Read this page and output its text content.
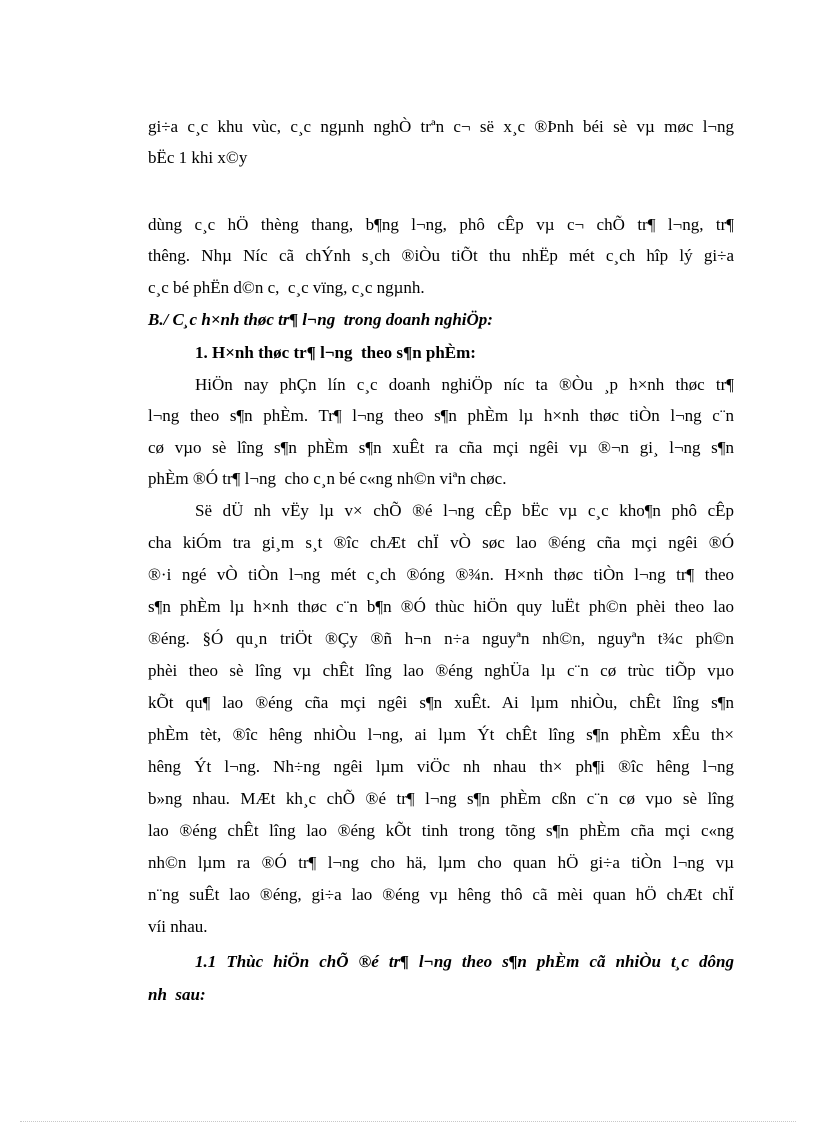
gi÷a c¸c khu vùc, c¸c ngµnh nghÒ trªn c¬ së x¸c ®Þnh béi sè vµ møc l¬ng
bËc 1 khi x©y
dùng c¸c hÖ thèng thang, b¶ng l¬ng, phô cÊp vµ c¬ chÕ tr¶ l¬ng, tr¶
thêng. Nhµ Níc cã chÝnh s¸ch ®iÒu tiÕt thu nhËp mét c¸ch hîp lý gi÷a
c¸c bé phËn d©n c,  c¸c vïng, c¸c ngµnh.
B./ C¸c h×nh thøc tr¶ l¬ng  trong doanh nghiÖp:
1. H×nh thøc tr¶ l¬ng  theo s¶n phÈm:
HiÖn nay phÇn lín c¸c doanh nghiÖp níc ta ®Òu ¸p h×nh thøc tr¶
l¬ng theo s¶n phÈm. Tr¶ l¬ng theo s¶n phÈm lµ h×nh thøc tiÒn l¬ng c¨n
cø vµo sè lîng s¶n phÈm s¶n xuÊt ra cña mçi ngêi vµ ®¬n gi¸ l¬ng s¶n
phÈm ®Ó tr¶ l¬ng  cho c¸n bé c«ng nh©n viªn chøc.
Së dÜ nh vËy lµ v× chÕ ®é l¬ng cÊp bËc vµ c¸c kho¶n phô cÊp
cha kiÓm tra gi¸m s¸t ®îc chÆt chÏ vÒ søc lao ®éng cña mçi ngêi ®Ó
®·i ngé vÒ tiÒn l¬ng mét c¸ch ®óng ®¾n. H×nh thøc tiÒn l¬ng tr¶ theo
s¶n phÈm lµ h×nh thøc c¨n b¶n ®Ó thùc hiÖn quy luËt ph©n phèi theo lao
®éng. §Ó qu¸n triÖt ®Çy ®ñ h¬n n÷a nguyªn nh©n, nguyªn t¾c ph©n
phèi theo sè lîng vµ chÊt lîng lao ®éng nghÜa lµ c¨n cø trùc tiÕp vµo
kÕt qu¶ lao ®éng cña mçi ngêi s¶n xuÊt. Ai lµm nhiÒu, chÊt lîng s¶n
phÈm tèt, ®îc hêng nhiÒu l¬ng, ai lµm Ýt chÊt lîng s¶n phÈm xÊu th×
hêng Ýt l¬ng. Nh÷ng ngêi lµm viÖc nh nhau th× ph¶i ®îc hêng l¬ng
b»ng nhau. MÆt kh¸c chÕ ®é tr¶ l¬ng s¶n phÈm cßn c¨n cø vµo sè lîng
lao ®éng chÊt lîng lao ®éng kÕt tinh trong tõng s¶n phÈm cña mçi c«ng
nh©n lµm ra ®Ó tr¶ l¬ng cho hä, lµm cho quan hÖ gi÷a tiÒn l¬ng vµ
n¨ng suÊt lao ®éng, gi÷a lao ®éng vµ hêng thô cã mèi quan hÖ chÆt chÏ
víi nhau.
1.1 Thùc hiÖn chÕ ®é tr¶ l¬ng theo s¶n phÈm cã nhiÒu t¸c dông
nh  sau:
